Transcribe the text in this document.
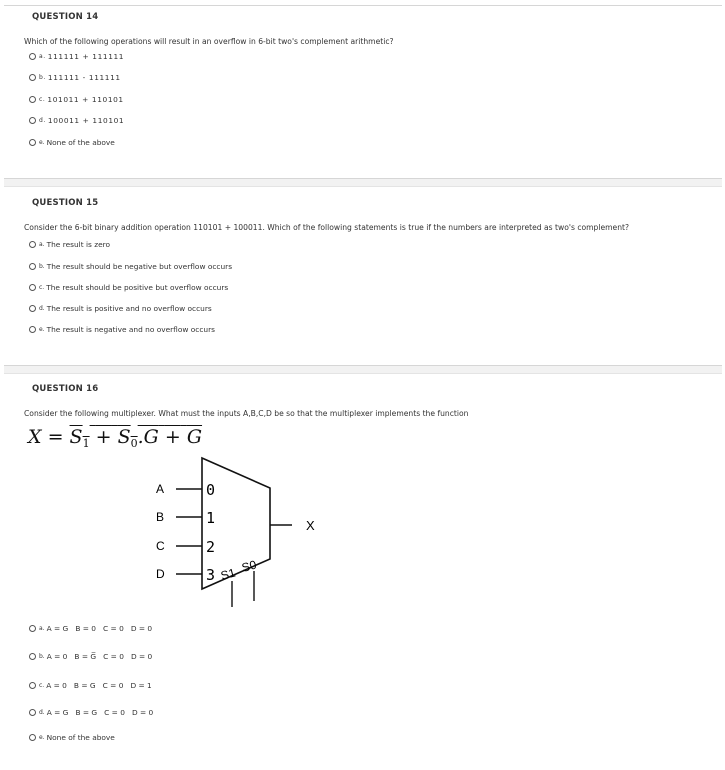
QUESTION 14
Which of the following operations will result in an overflow in 6-bit two's complement arithmetic?
a. 111111 + 111111
b. 111111 - 111111
c. 101011 + 110101
d. 100011 + 110101
e. None of the above
QUESTION 15
Consider the 6-bit binary addition operation 110101 + 100011. Which of the following statements is true if the numbers are interpreted as two's complement?
a. The result is zero
b. The result should be negative but overflow occurs
c. The result should be positive but overflow occurs
d. The result is positive and no overflow occurs
e. The result is negative and no overflow occurs
QUESTION 16
Consider the following multiplexer. What must the inputs A,B,C,D be so that the multiplexer implements the function
$X = S_1 + S_0.G + G$
A
B
C
D
0
1
2
3 S1 S0
X
a. A = G   B = 0   C = 0   D = 0
b. A = 0   B = G̅   C = 0   D = 0
c. A = 0   B = G   C = 0   D = 1
d. A = G   B = G   C = 0   D = 0
e. None of the above
